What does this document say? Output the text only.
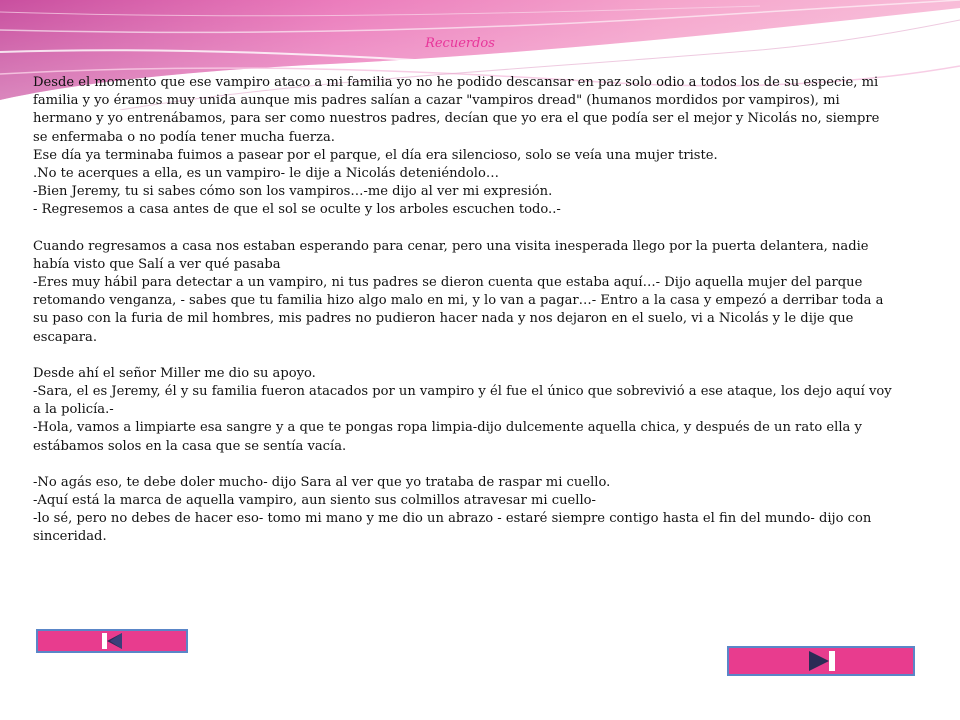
Recuerdos

Desde el momento que ese vampiro ataco a mi familia yo no he podido descansar en paz solo odio a todos los de su especie, mi familia y yo éramos muy unida aunque mis padres salían a cazar "vampiros dread" (humanos mordidos por vampiros), mi hermano y yo entrenábamos, para ser como nuestros padres, decían que yo era el que podía ser el mejor y Nicolás no, siempre se enfermaba o no podía tener mucha fuerza.

Ese día ya terminaba fuimos a pasear por el parque, el día era silencioso, solo se veía una mujer triste.

.No te acerques a ella, es un vampiro- le dije a Nicolás deteniéndolo…

-Bien Jeremy, tu si sabes cómo son los vampiros…-me dijo al ver mi expresión.

- Regresemos a casa antes de que el sol se oculte y los arboles escuchen todo..-

Cuando regresamos a casa nos estaban esperando para cenar, pero una visita inesperada llego por la puerta delantera, nadie había visto que Salí a ver qué pasaba

-Eres muy hábil para detectar a un vampiro, ni tus padres se dieron cuenta que estaba aquí…- Dijo aquella mujer del parque retomando venganza, - sabes que tu familia hizo algo malo en mi, y lo van a pagar…- Entro a la casa y empezó a derribar toda a su paso con la furia de mil hombres, mis padres no pudieron hacer nada y nos dejaron en el suelo, vi a Nicolás y le dije que escapara.

Desde ahí el señor Miller me dio su apoyo.

-Sara, el es Jeremy, él y su familia fueron atacados por un vampiro y él fue el único que sobrevivió a ese ataque, los dejo aquí voy a la policía.-

-Hola, vamos a limpiarte esa sangre y a que te pongas ropa limpia-dijo dulcemente aquella chica, y después de un rato ella y estábamos solos en la casa que se sentía vacía.

-No agás eso, te debe doler mucho- dijo Sara al ver que yo trataba de raspar mi cuello.

-Aquí está la marca de aquella vampiro, aun siento sus colmillos atravesar mi cuello-

-lo sé, pero no debes de hacer eso- tomo mi mano y me dio un abrazo - estaré siempre contigo hasta el fin del mundo- dijo con sinceridad.
